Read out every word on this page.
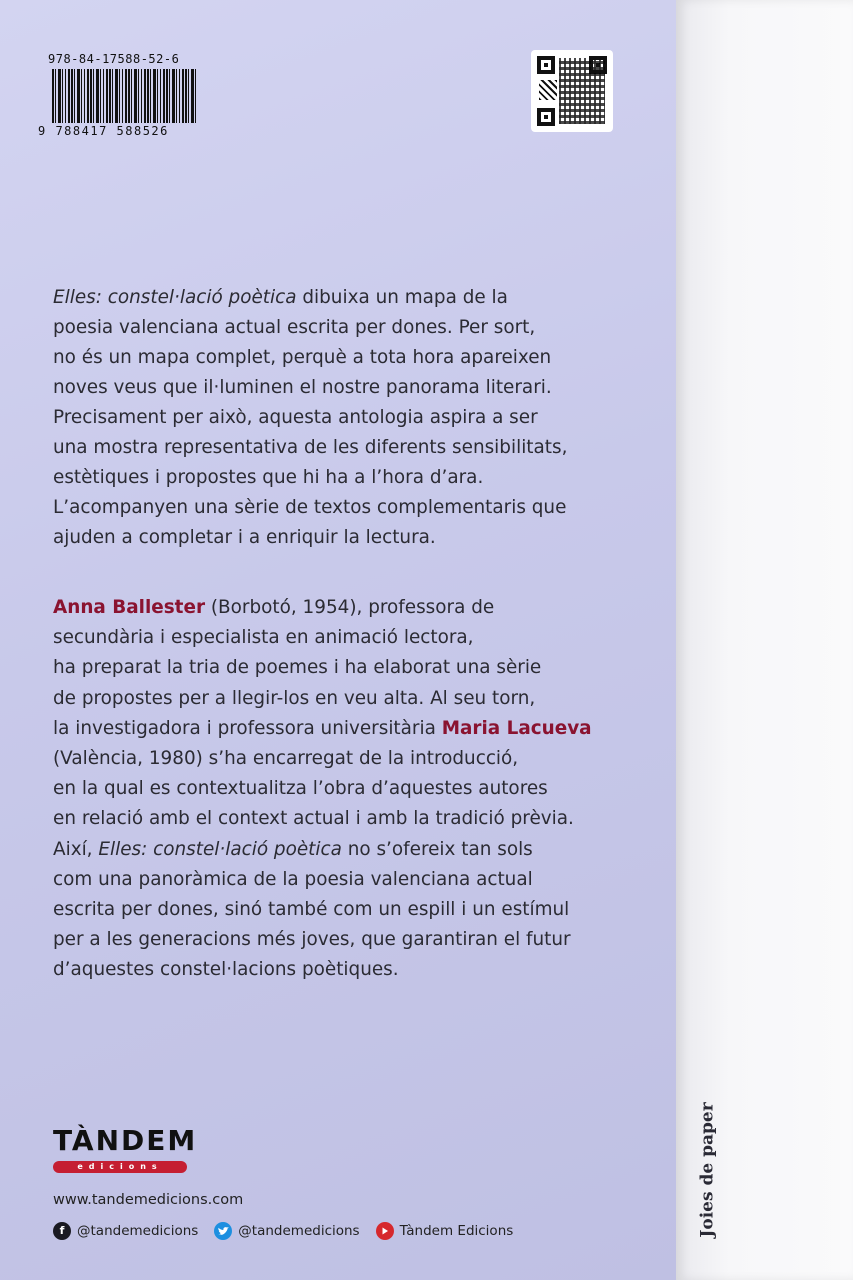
978-84-17588-52-6
9 788417 588526
Elles: constel·lació poètica dibuixa un mapa de la
poesia valenciana actual escrita per dones. Per sort,
no és un mapa complet, perquè a tota hora apareixen
noves veus que il·luminen el nostre panorama literari.
Precisament per això, aquesta antologia aspira a ser
una mostra representativa de les diferents sensibilitats,
estètiques i propostes que hi ha a l’hora d’ara.
L’acompanyen una sèrie de textos complementaris que
ajuden a completar i a enriquir la lectura.
Anna Ballester (Borbotó, 1954), professora de
secundària i especialista en animació lectora,
ha preparat la tria de poemes i ha elaborat una sèrie
de propostes per a llegir-los en veu alta. Al seu torn,
la investigadora i professora universitària Maria Lacueva
(València, 1980) s’ha encarregat de la introducció,
en la qual es contextualitza l’obra d’aquestes autores
en relació amb el context actual i amb la tradició prèvia.
Així, Elles: constel·lació poètica no s’ofereix tan sols
com una panoràmica de la poesia valenciana actual
escrita per dones, sinó també com un espill i un estímul
per a les generacions més joves, que garantiran el futur
d’aquestes constel·lacions poètiques.
TÀNDEM
edicions
www.tandemedicions.com
f @tandemedicions	@tandemedicions	Tàndem Edicions	Joies de paper
